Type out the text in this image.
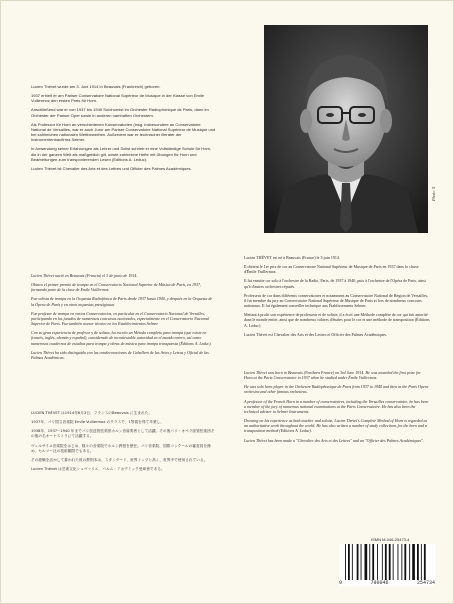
Lucien Thévet wurde am 3. Juni 1914 in Beauvais (Frankreich) geboren.

1937 erhielt er am Pariser Conservatoire National Supérieur de Musique in der Klasse von Emile Vuillermoz den ersten Preis für Horn.

Anschließend war er von 1937 bis 1940 Solohornist im Orchester Radiophonique de Paris, dann im Orchester der Pariser Oper sowie in anderen namhaften Orchestern.

Als Professor für Horn an verschiedenen Konservatorien (insg. insbesondere an Conservatoire National de Versailles, war er auch Juror am Pariser Conservatoire National Supérieur de Musique und bei zahlreichen nationalen Wettbewerben. Außerdem war er technischer Berater der Instrumentenbaufirma Selmer.

In Anwendung seiner Erfahrungen als Lehrer und Solist schrieb er eine Vollständige Schule für Horn, die in der ganzen Welt als maßgeblich gilt, sowie zahlreiche Hefte mit Übungen für Horn und Bearbeitungen zum transponierenden Lesen (Editions A. Leduc).

Lucien Thévet ist Chevalier des Arts et des Lettres und Officier des Palmes Académiques.

Lucien Thévet nació en Beauvais (Francia) el 3 de junio de 1914.

Obtuvo el primer premio de trompa en el Conservatorio Nacional Superior de Música de París, en 1937, formando parte de la clase de Emile Vuillermoz.

Fue solista de trompa en la Orquesta Radiofónica de Paris desde 1937 hasta 1940, y después en la Orquesta de la Ópera de París y en otras orquestas prestigiosas.

Fue profesor de trompa en varios Conservatorios, en particular en el Conservatorio Nacional de Versalles, participando en los jurados de numerosos concursos nacionales, especialmente en el Conservatorio Nacional Superior de París. Fue también asesor técnico en los Establecimientos Selmer.

Con su gran experiencia de profesor y de solista, ha escrito un Método completo para trompa (que existe en francés, inglés, alemán y español), considerado de incontestable autoridad en el mundo entero, así como numerosos cuadernos de estudios para trompa y obras de música para trompa transpuesta (Éditions A. Leduc).

Lucien Thévet ha sido distinguido con las condecoraciones de Caballero de las Artes y Letras y Oficial de las Palmas Académicas.

LUCIEN THÉVET は1914年6月3日、フランスのBeauvais に生まれた。

1937年、パリ国立音楽院 Emile Vuillermoz のクラスで、1等賞を得て卒業し、

1938年、1937~1940 年までパリ放送管弦楽団ホルン首席奏者として活躍。その後パリ・オペラ座管弦楽団その他の名オーケストラにて活躍する。

ヴェルサイユ音楽院をはじめ、数々の音楽院でホルン教授を歴任。パリ音楽院、国際コンクールの審査員を務め、セルマー社の技術顧問でもある。

その経験を活かして書かれた彼の教則本は、スタンダード、世界トップと高く、世界中で使用されている。

Lucien Thévet は芸術文化シュヴァリエ、パルム・アカデミック受章者である。

Photo: X

Lucien THÉVET est né à Beauvais (France) le 3 juin 1914.

Il obtient le 1er prix de cor au Conservatoire National Supérieur de Musique de Paris en 1937 dans la classe d'Émile Vuillermoz.

Il fut ensuite cor solo à l'orchestre de la Radio, Paris, de 1937 à 1940, puis à l'orchestre de l'Opéra de Paris, ainsi qu'à d'autres orchestres réputés.

Professeur de cor dans différents conservatoires et notamment au Conservatoire National de Région de Versailles, il fut membre du jury au Conservatoire National Supérieur de Musique de Paris et lors de nombreux concours nationaux. Il fut également conseiller technique aux Établissements Selmer.

Mettant à profit son expérience de professeur et de soliste, il a écrit une Méthode complète de cor qui fait autorité dans le monde entier, ainsi que de nombreux cahiers d'études pour le cor et une méthode de transposition (Éditions A. Leduc).

Lucien Thévet est Chevalier des Arts et des Lettres et Officier des Palmes Académiques.

Lucien Thévet was born in Beauvais (Northern France) on 3rd June 1914. He was awarded the first prize for Horn at the Paris Conservatoire in 1937 when he studied under Émile Vuillermoz.

He was solo horn player in the Orchestre Radiophonique de Paris from 1937 to 1940 and then in the Paris Opera orchestra and other famous orchestras.

A professor of the French Horn in a number of conservatoires, including the Versailles conservatoire, he has been a member of the jury of numerous national examinations at the Paris Conservatoire. He has also been the technical adviser to Selmer Instruments.

Drawing on his experience as both teacher and soloist, Lucien Thévet's Complete Method of Horn is regarded as an authoritative work throughout the world. He has also written a number of study collections for the horn and a transposition method (Editions A. Leduc).

Lucien Thévet has been made a "Chevalier des Arts et des Lettres" and an "Officier des Palmes Académiques".

ISMN M-046-25473-4
9	790046	254734
